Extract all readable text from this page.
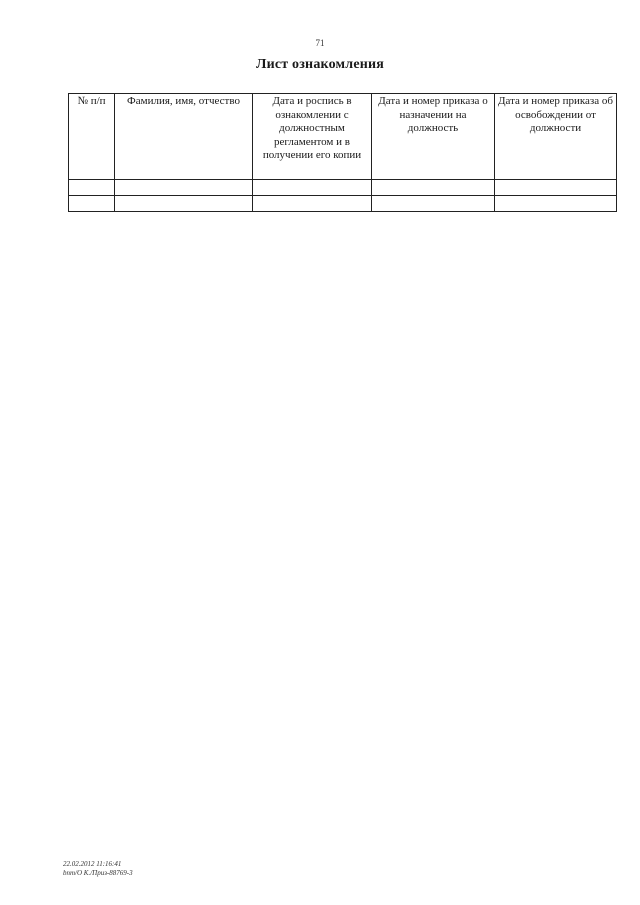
71
Лист ознакомления
№ п/п	Фамилия, имя, отчество	Дата и роспись в ознакомлении с должностным регламентом и в получении его копии	Дата и номер приказа о назначении на должность	Дата и номер приказа об освобождении от должности

22.02.2012 11:16:41
bnm/O К./Приз-88769-3
